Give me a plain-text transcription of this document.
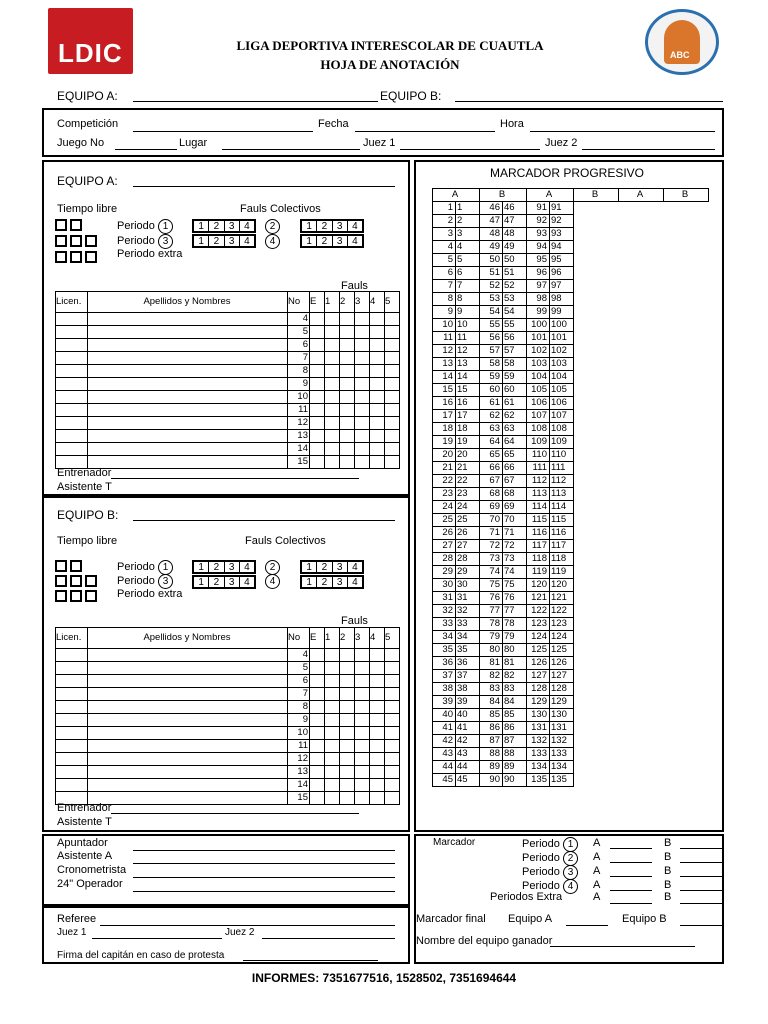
LDIC	ABC
LIGA DEPORTIVA INTERESCOLAR DE CUAUTLA
HOJA DE ANOTACIÓN
EQUIPO A:	EQUIPO B:
Competición	Fecha	Hora
Juego No	Lugar	Juez 1	Juez 2
EQUIPO A:
Tiempo libre	Fauls Colectivos
Periodo 1
Periodo 3
Periodo extra
1 2 3 4
1 2 3 4
2
4
1 2 3 4
1 2 3 4
Fauls
Licen.	Apellidos y Nombres	No	E	1	2	3	4	5
		4						
		5						
		6						
		7						
		8						
		9						
		10						
		11						
		12						
		13						
		14						
		15						
Entrenador
Asistente T
EQUIPO B:
Tiempo libre	Fauls Colectivos
Periodo 1
Periodo 3
Periodo extra
1 2 3 4
1 2 3 4
2
4
1 2 3 4
1 2 3 4
Fauls
Licen.	Apellidos y Nombres	No	E	1	2	3	4	5
		4						
		5						
		6						
		7						
		8						
		9						
		10						
		11						
		12						
		13						
		14						
		15						
Entrenador
Asistente T
MARCADOR PROGRESIVO
A		B		A		B	A	B
1	1	46	46	91	91			
2	2	47	47	92	92			
3	3	48	48	93	93			
4	4	49	49	94	94			
5	5	50	50	95	95			
6	6	51	51	96	96			
7	7	52	52	97	97			
8	8	53	53	98	98			
9	9	54	54	99	99			
10	10	55	55	100	100			
11	11	56	56	101	101			
12	12	57	57	102	102			
13	13	58	58	103	103			
14	14	59	59	104	104			
15	15	60	60	105	105			
16	16	61	61	106	106			
17	17	62	62	107	107			
18	18	63	63	108	108			
19	19	64	64	109	109			
20	20	65	65	110	110			
21	21	66	66	111	111			
22	22	67	67	112	112			
23	23	68	68	113	113			
24	24	69	69	114	114			
25	25	70	70	115	115			
26	26	71	71	116	116			
27	27	72	72	117	117			
28	28	73	73	118	118			
29	29	74	74	119	119			
30	30	75	75	120	120			
31	31	76	76	121	121			
32	32	77	77	122	122			
33	33	78	78	123	123			
34	34	79	79	124	124			
35	35	80	80	125	125			
36	36	81	81	126	126			
37	37	82	82	127	127			
38	38	83	83	128	128			
39	39	84	84	129	129			
40	40	85	85	130	130			
41	41	86	86	131	131			
42	42	87	87	132	132			
43	43	88	88	133	133			
44	44	89	89	134	134			
45	45	90	90	135	135			
Apuntador
Asistente A
Cronometrista
24" Operador
Referee
Juez 1	Juez 2
Firma del capitán en caso de protesta
Marcador	Periodo 1	A	B
Periodo 2	A	B
Periodo 3	A	B
Periodo 4	A	B
Periodos Extra	A	B
Marcador final Equipo A	Equipo B
Nombre del equipo ganador
INFORMES: 7351677516, 1528502, 7351694644
